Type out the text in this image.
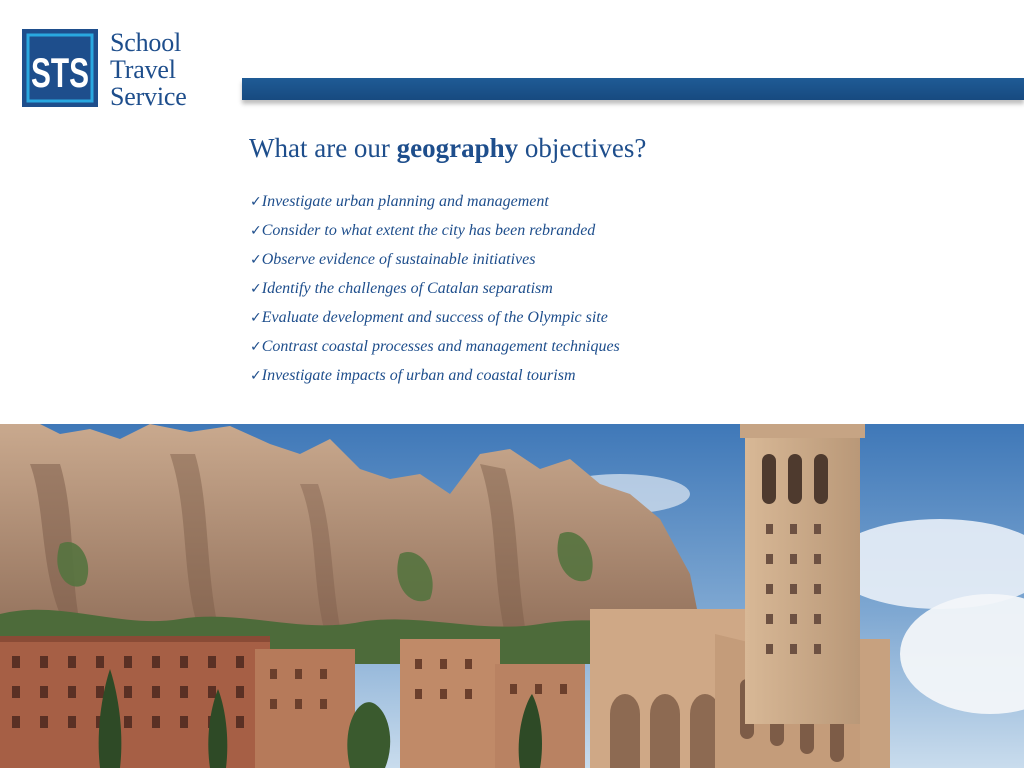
STS
School
Travel
Service
What are our geography objectives?
✓Investigate urban planning and management
✓Consider to what extent the city has been rebranded
✓Observe evidence of sustainable initiatives
✓Identify the challenges of Catalan separatism
✓Evaluate development and success of the Olympic site
✓Contrast coastal processes and management techniques
✓Investigate impacts of urban and coastal tourism
